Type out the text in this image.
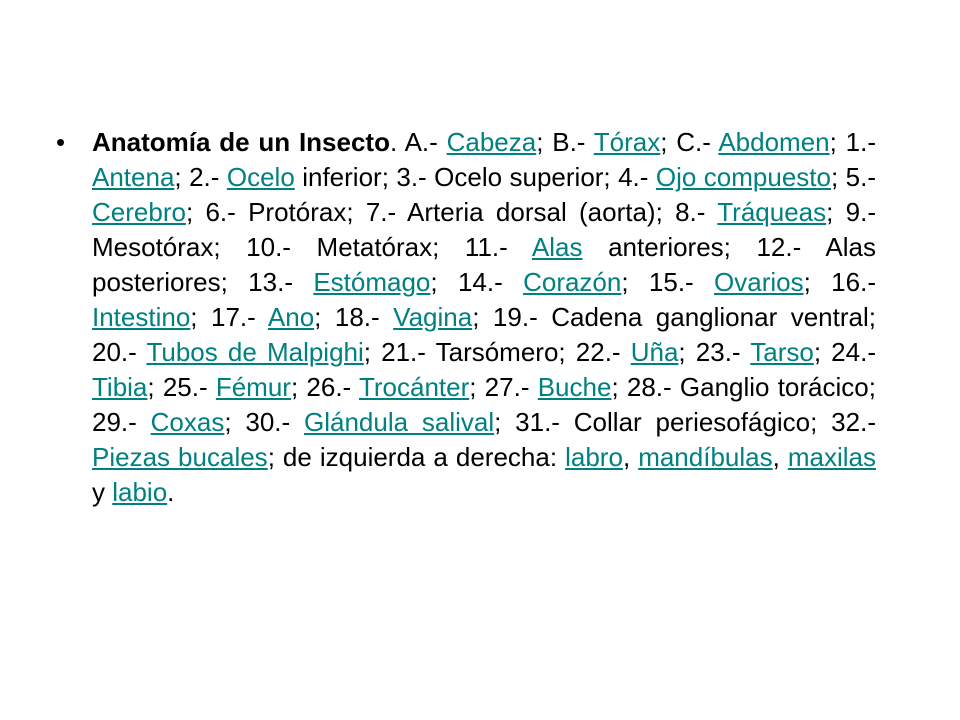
• Anatomía de un Insecto. A.- Cabeza; B.- Tórax; C.- Abdomen; 1.- Antena; 2.- Ocelo inferior; 3.- Ocelo superior; 4.- Ojo compuesto; 5.- Cerebro; 6.- Protórax; 7.- Arteria dorsal (aorta); 8.- Tráqueas; 9.- Mesotórax; 10.- Metatórax; 11.- Alas anteriores; 12.- Alas posteriores; 13.- Estómago; 14.- Corazón; 15.- Ovarios; 16.- Intestino; 17.- Ano; 18.- Vagina; 19.- Cadena ganglionar ventral; 20.- Tubos de Malpighi; 21.- Tarsómero; 22.- Uña; 23.- Tarso; 24.- Tibia; 25.- Fémur; 26.- Trocánter; 27.- Buche; 28.- Ganglio torácico; 29.- Coxas; 30.- Glándula salival; 31.- Collar periesofágico; 32.- Piezas bucales; de izquierda a derecha: labro, mandíbulas, maxilas y labio.
